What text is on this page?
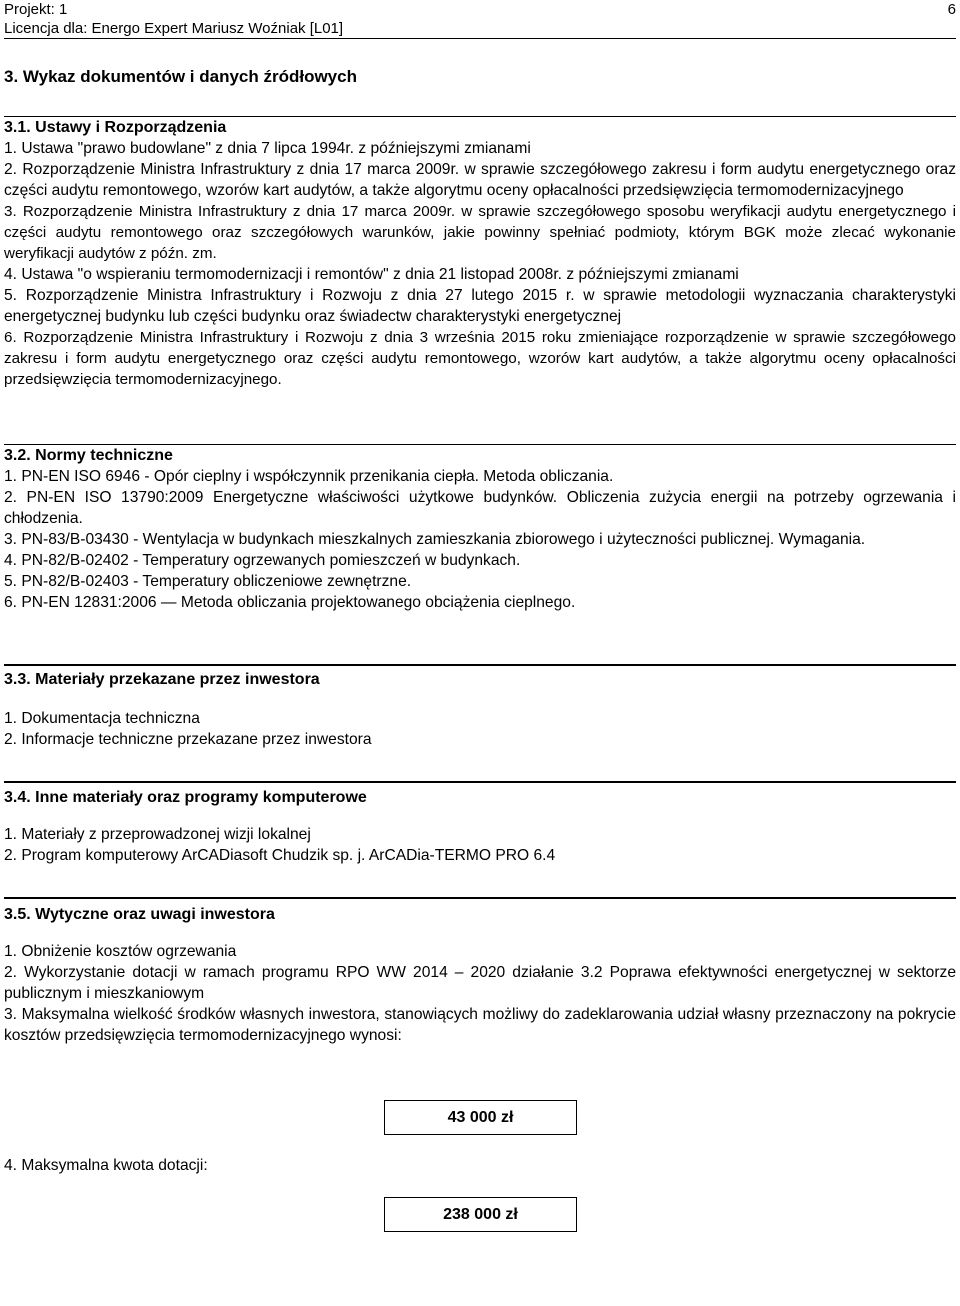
Projekt: 1
Licencja dla: Energo Expert Mariusz Woźniak [L01]
6
3. Wykaz dokumentów i danych źródłowych
3.1. Ustawy i Rozporządzenia
1. Ustawa "prawo budowlane" z dnia 7 lipca 1994r. z późniejszymi zmianami
2. Rozporządzenie Ministra Infrastruktury z dnia 17 marca 2009r. w sprawie szczegółowego zakresu i form audytu energetycznego oraz części audytu remontowego, wzorów kart audytów, a także algorytmu oceny opłacalności przedsięwzięcia termomodernizacyjnego
3. Rozporządzenie Ministra Infrastruktury z dnia 17 marca 2009r. w sprawie szczegółowego sposobu weryfikacji audytu energetycznego i części audytu remontowego oraz szczegółowych warunków, jakie powinny spełniać podmioty, którym BGK może zlecać wykonanie weryfikacji audytów z późn. zm.
4. Ustawa "o wspieraniu termomodernizacji i remontów" z dnia 21 listopad 2008r. z późniejszymi zmianami
5. Rozporządzenie Ministra Infrastruktury i Rozwoju z dnia 27 lutego 2015 r. w sprawie metodologii wyznaczania charakterystyki energetycznej budynku lub części budynku oraz świadectw charakterystyki energetycznej
6. Rozporządzenie Ministra Infrastruktury i Rozwoju z dnia 3 września 2015 roku zmieniające rozporządzenie w sprawie szczegółowego zakresu i form audytu energetycznego oraz części audytu remontowego, wzorów kart audytów, a także algorytmu oceny opłacalności przedsięwzięcia termomodernizacyjnego.
3.2. Normy techniczne
1. PN-EN ISO 6946 - Opór cieplny i współczynnik przenikania ciepła. Metoda obliczania.
2. PN-EN ISO 13790:2009 Energetyczne właściwości użytkowe budynków. Obliczenia zużycia energii na potrzeby ogrzewania i chłodzenia.
3. PN-83/B-03430 - Wentylacja w budynkach mieszkalnych zamieszkania zbiorowego i użyteczności publicznej. Wymagania.
4. PN-82/B-02402 - Temperatury ogrzewanych pomieszczeń w budynkach.
5. PN-82/B-02403 - Temperatury obliczeniowe zewnętrzne.
6. PN-EN 12831:2006 — Metoda obliczania projektowanego obciążenia cieplnego.
3.3. Materiały przekazane przez inwestora
1. Dokumentacja techniczna
2. Informacje techniczne przekazane przez inwestora
3.4. Inne materiały oraz programy komputerowe
1. Materiały z przeprowadzonej wizji lokalnej
2. Program komputerowy ArCADiasoft Chudzik sp. j. ArCADia-TERMO PRO 6.4
3.5. Wytyczne oraz uwagi inwestora
1. Obniżenie kosztów ogrzewania
2. Wykorzystanie dotacji w ramach programu RPO WW 2014 – 2020 działanie 3.2 Poprawa efektywności energetycznej w sektorze publicznym i mieszkaniowym
3. Maksymalna wielkość środków własnych inwestora, stanowiących możliwy do zadeklarowania udział własny przeznaczony na pokrycie kosztów przedsięwzięcia termomodernizacyjnego wynosi:
43 000 zł
4. Maksymalna kwota dotacji:
238 000 zł
